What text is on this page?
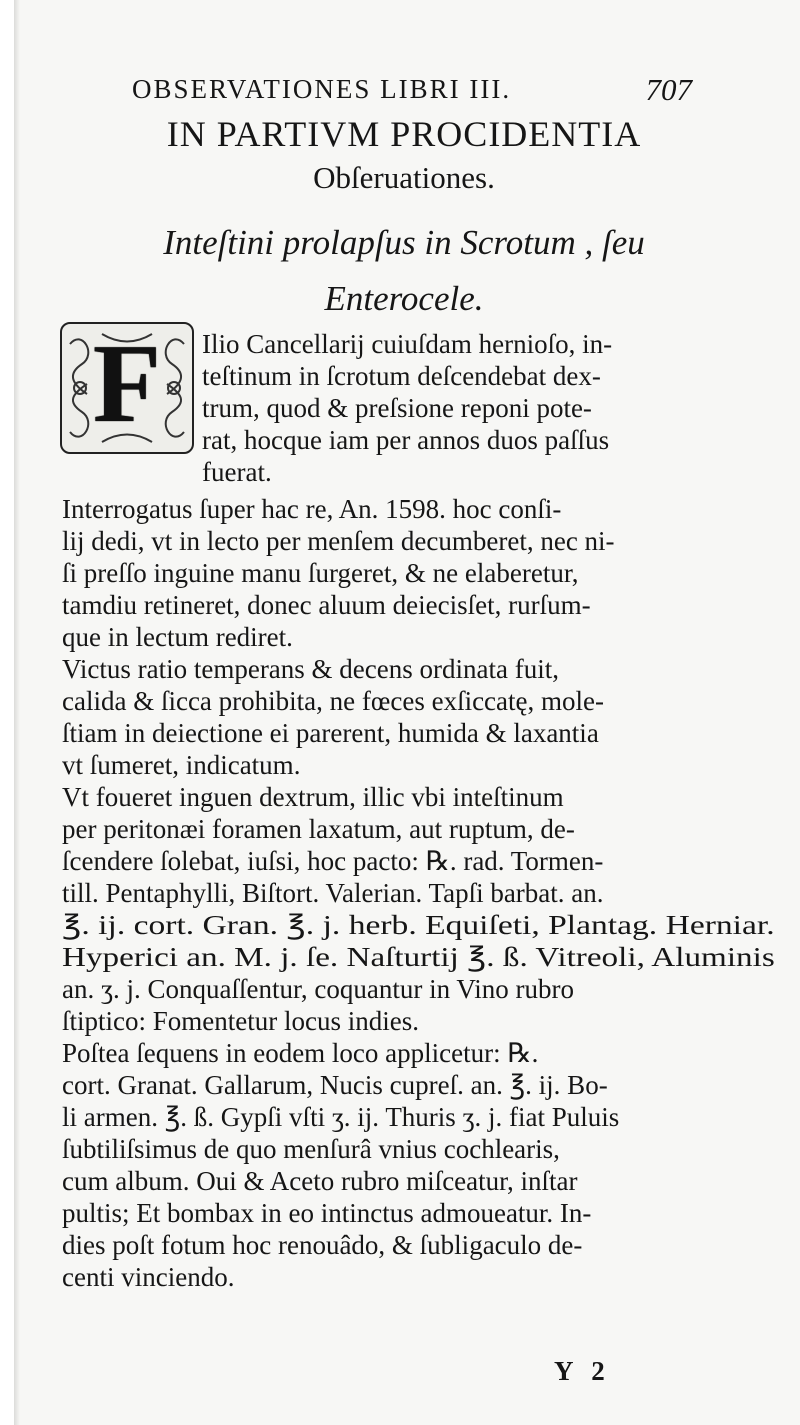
OBSERVATIONES LIBRI III.	707
IN PARTIVM PROCIDENTIA
Obſeruationes.
Inteſtini prolapſus in Scrotum , ſeu
Enterocele.
F	Ilio Cancellarij cuiuſdam hernioſo, in-
teſtinum in ſcrotum deſcendebat dex-
trum, quod & preſsione reponi pote-
rat, hocque iam per annos duos paſſus
fuerat.
Interrogatus ſuper hac re, An. 1598. hoc conſi-
lij dedi, vt in lecto per menſem decumberet, nec ni-
ſi preſſo inguine manu ſurgeret, & ne elaberetur,
tamdiu retineret, donec aluum deiecisſet, rurſum-
que in lectum rediret.
Victus ratio temperans & decens ordinata fuit,
calida & ſicca prohibita, ne fœces exſiccatę, mole-
ſtiam in deiectione ei parerent, humida & laxantia
vt ſumeret, indicatum.
Vt foueret inguen dextrum, illic vbi inteſtinum
per peritonæi foramen laxatum, aut ruptum, de-
ſcendere ſolebat, iuſsi, hoc pacto: ℞. rad. Tormen-
till. Pentaphylli, Biſtort. Valerian. Tapſi barbat. an.
℥. ij. cort. Gran. ℥. j. herb. Equiſeti, Plantag. Herniar.
Hyperici an. M. j. ſe. Naſturtij ℥. ß. Vitreoli, Aluminis
an. ʒ. j. Conquaſſentur, coquantur in Vino rubro
ſtiptico: Fomentetur locus indies.
Poſtea ſequens in eodem loco applicetur: ℞.
cort. Granat. Gallarum, Nucis cupreſ. an. ℥. ij. Bo-
li armen. ℥. ß. Gypſi vſti ʒ. ij. Thuris ʒ. j. fiat Puluis
ſubtiliſsimus de quo menſurâ vnius cochlearis,
cum album. Oui & Aceto rubro miſceatur, inſtar
pultis; Et bombax in eo intinctus admoueatur. In-
dies poſt fotum hoc renouâdo, & ſubligaculo de-
centi vinciendo.
Y 2
